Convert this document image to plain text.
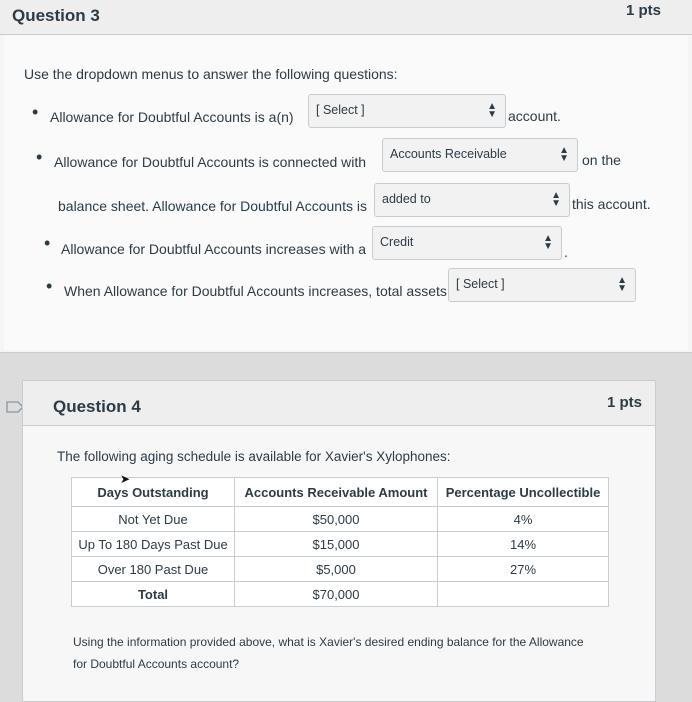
Question 3	1 pts
Use the dropdown menus to answer the following questions:
• Allowance for Doubtful Accounts is a(n)	[ Select ]	▲
▼ account.
• Allowance for Doubtful Accounts is connected with	Accounts Receivable	▲
▼ on the
balance sheet. Allowance for Doubtful Accounts is	added to	▲
▼ this account.
• Allowance for Doubtful Accounts increases with a	Credit	▲
▼ .
• When Allowance for Doubtful Accounts increases, total assets [ Select ]	▲
▼
Question 4	1 pts
The following aging schedule is available for Xavier's Xylophones:
Days Outstanding	Accounts Receivable Amount	Percentage Uncollectible
Not Yet Due	$50,000	4%
Up To 180 Days Past Due	$15,000	14%
Over 180 Past Due	$5,000	27%
Total	$70,000	
Using the information provided above, what is Xavier's desired ending balance for the Allowance
for Doubtful Accounts account?
➤
